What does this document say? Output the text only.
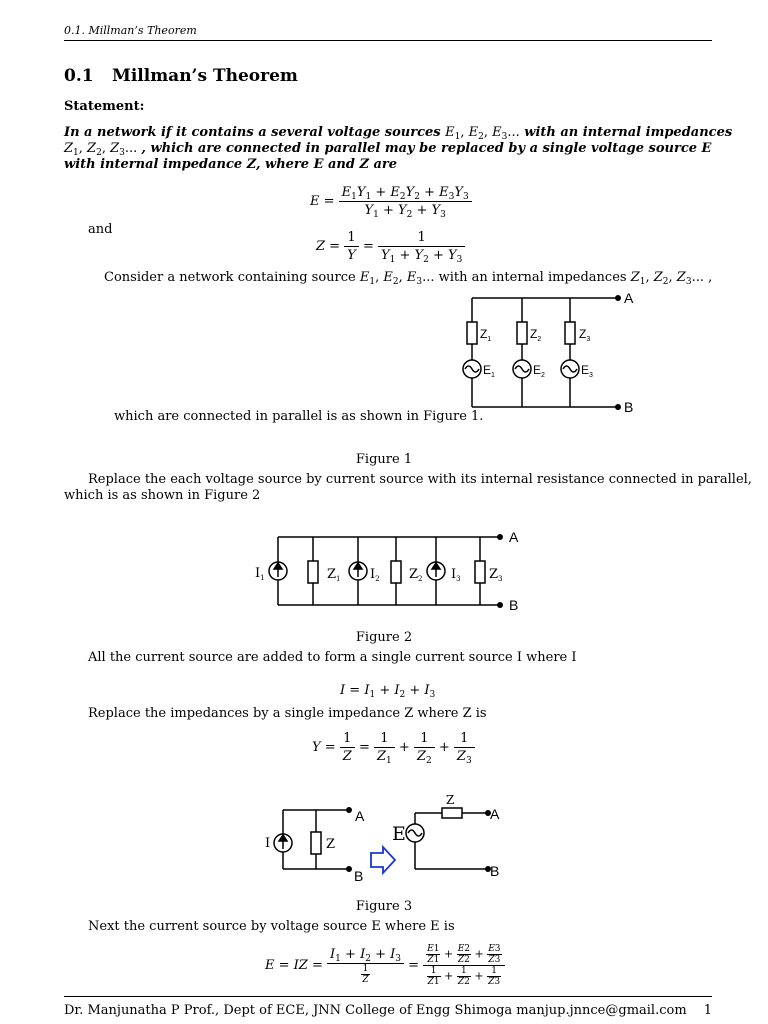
0.1. Millman’s Theorem
0.1 Millman’s Theorem
Statement:
In a network if it contains a several voltage sources $E_1$, $E_2$, $E_3$... with an internal impedances
$Z_1$, $Z_2$, $Z_3$... , which are connected in parallel may be replaced by a single voltage source E
with internal impedance Z, where E and Z are
$E = \frac{E_1Y_1 + E_2Y_2 + E_3Y_3}{Y_1 + Y_2 + Y_3}$
and
$Z = \frac{1}{Y} = \frac{1}{Y_1 + Y_2 + Y_3}$
Consider a network containing source $E_1$, $E_2$, $E_3$... with an internal impedances $Z_1$, $Z_2$, $Z_3$... ,
A
B
$Z_1$	$Z_2$	$Z_3$
$E_1$	$E_2$	$E_3$
which are connected in parallel is as shown in Figure 1.
Figure 1
Replace the each voltage source by current source with its internal resistance connected in parallel,
which is as shown in Figure 2
A
B
$I_1$	$Z_1$ $I_2$ $Z_2$ $I_3$ $Z_3$
Figure 2
All the current source are added to form a single current source I where I
$I = I_1 + I_2 + I_3$
Replace the impedances by a single impedance Z where Z is
$Y = \frac{1}{Z} = \frac{1}{Z_1} + \frac{1}{Z_2} + \frac{1}{Z_3}$
I	Z
A
B
E
Z
A
B
Figure 3
Next the current source by voltage source E where E is
E = IZ = $\frac{I_1 + I_2 + I_3}{\frac{1}{Z}} = \frac{\frac{E1}{Z1} + \frac{E2}{Z2} + \frac{E3}{Z3}}{\frac{1}{Z1} + \frac{1}{Z2} + \frac{1}{Z3}}$
Dr. Manjunatha P Prof., Dept of ECE, JNN College of Engg Shimoga manjup.jnnce@gmail.com 1
